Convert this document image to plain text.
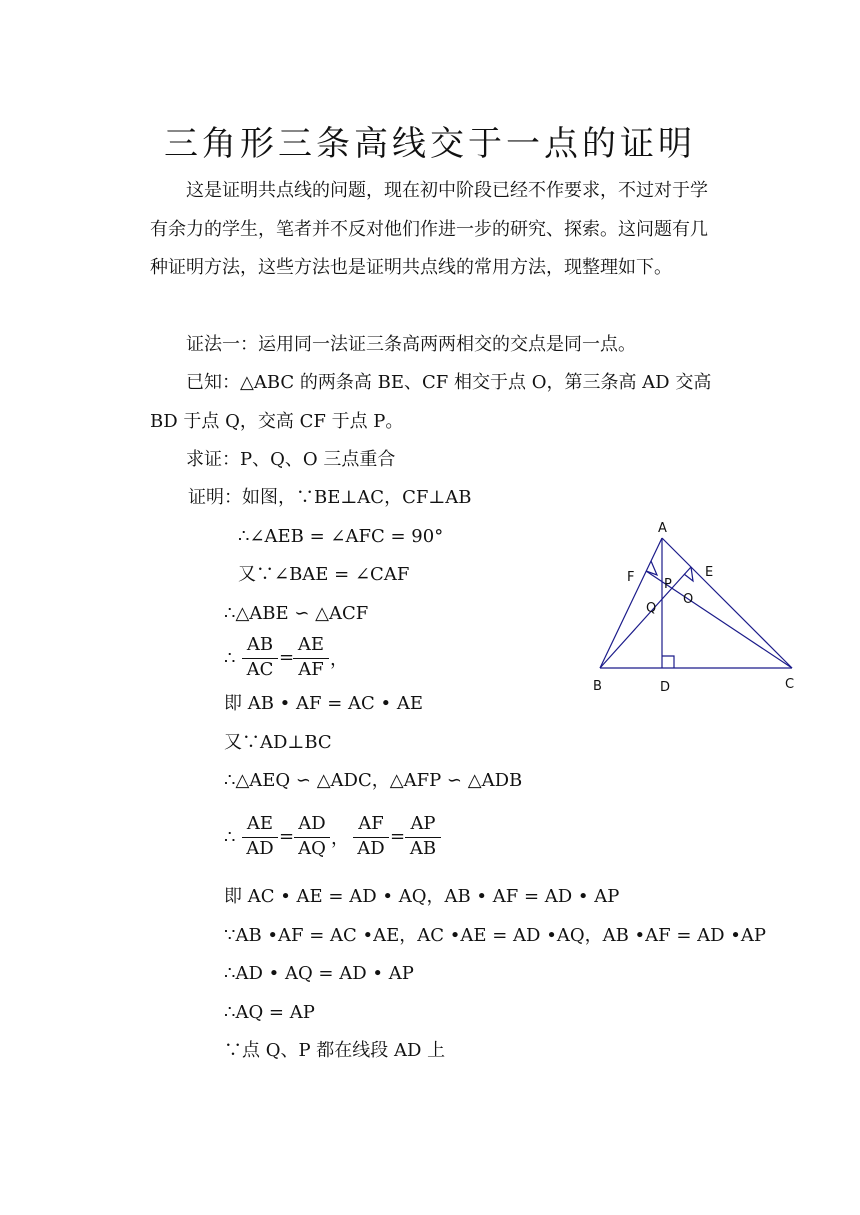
三角形三条高线交于一点的证明
这是证明共点线的问题，现在初中阶段已经不作要求，不过对于学有余力的学生，笔者并不反对他们作进一步的研究、探索。这问题有几种证明方法，这些方法也是证明共点线的常用方法，现整理如下。
证法一：运用同一法证三条高两两相交的交点是同一点。
已知：△ABC 的两条高 BE、CF 相交于点 O，第三条高 AD 交高 BD 于点 Q，交高 CF 于点 P。
求证：P、Q、O 三点重合
证明：如图，∵BE⊥AC，CF⊥AB
∴∠AEB = ∠AFC = 90°
又∵∠BAE = ∠CAF
∴△ABE ∽ △ACF
∴
AB
AC
=
AE
AF ，
即 AB • AF = AC • AE
又∵AD⊥BC
∴△AEQ ∽ △ADC，△AFP ∽ △ADB
∴
AE
AD
=
AD
AQ ，
AF
AD
=
AP
AB
即 AC • AE = AD • AQ，AB • AF = AD • AP
∵AB •AF = AC •AE，AC •AE = AD •AQ，AB •AF = AD •AP
∴AD • AQ = AD • AP
∴AQ = AP
∵点 Q、P 都在线段 AD 上
A
B	C
D
E
F P
O
Q
